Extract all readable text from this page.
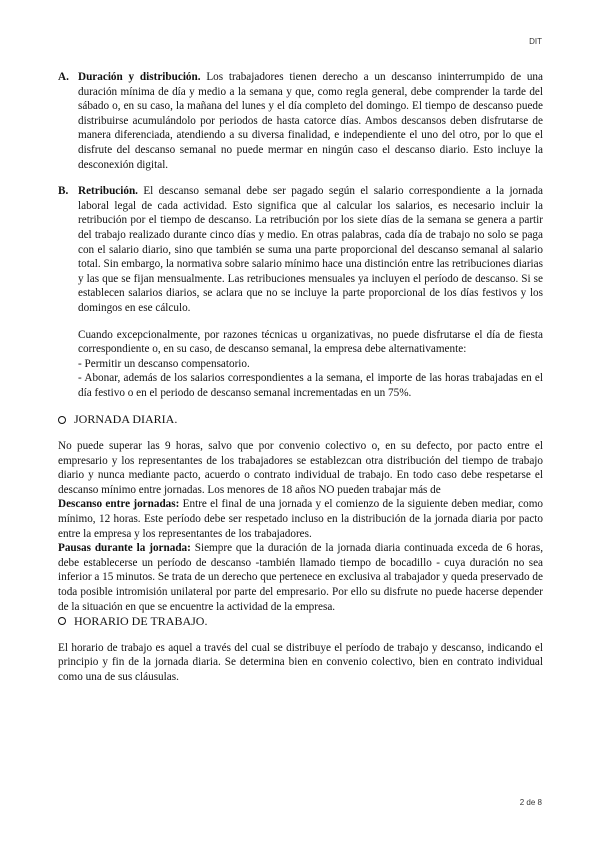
DIT
A. Duración y distribución. Los trabajadores tienen derecho a un descanso ininterrumpido de una duración mínima de día y medio a la semana y que, como regla general, debe comprender la tarde del sábado o, en su caso, la mañana del lunes y el día completo del domingo. El tiempo de descanso puede distribuirse acumulándolo por periodos de hasta catorce días. Ambos descansos deben disfrutarse de manera diferenciada, atendiendo a su diversa finalidad, e independiente el uno del otro, por lo que el disfrute del descanso semanal no puede mermar en ningún caso el descanso diario. Esto incluye la desconexión digital.

B. Retribución. El descanso semanal debe ser pagado según el salario correspondiente a la jornada laboral legal de cada actividad. Esto significa que al calcular los salarios, es necesario incluir la retribución por el tiempo de descanso. La retribución por los siete días de la semana se genera a partir del trabajo realizado durante cinco días y medio. En otras palabras, cada día de trabajo no solo se paga con el salario diario, sino que también se suma una parte proporcional del descanso semanal al salario total. Sin embargo, la normativa sobre salario mínimo hace una distinción entre las retribuciones diarias y las que se fijan mensualmente. Las retribuciones mensuales ya incluyen el período de descanso. Si se establecen salarios diarios, se aclara que no se incluye la parte proporcional de los días festivos y los domingos en ese cálculo.

Cuando excepcionalmente, por razones técnicas u organizativas, no puede disfrutarse el día de fiesta correspondiente o, en su caso, de descanso semanal, la empresa debe alternativamente:
- Permitir un descanso compensatorio.
- Abonar, además de los salarios correspondientes a la semana, el importe de las horas trabajadas en el día festivo o en el periodo de descanso semanal incrementadas en un 75%.

JORNADA DIARIA.

No puede superar las 9 horas, salvo que por convenio colectivo o, en su defecto, por pacto entre el empresario y los representantes de los trabajadores se establezcan otra distribución del tiempo de trabajo diario y nunca mediante pacto, acuerdo o contrato individual de trabajo. En todo caso debe respetarse el descanso mínimo entre jornadas. Los menores de 18 años NO pueden trabajar más de

Descanso entre jornadas: Entre el final de una jornada y el comienzo de la siguiente deben mediar, como mínimo, 12 horas. Este período debe ser respetado incluso en la distribución de la jornada diaria por pacto entre la empresa y los representantes de los trabajadores.

Pausas durante la jornada: Siempre que la duración de la jornada diaria continuada exceda de 6 horas, debe establecerse un período de descanso -también llamado tiempo de bocadillo - cuya duración no sea inferior a 15 minutos. Se trata de un derecho que pertenece en exclusiva al trabajador y queda preservado de toda posible intromisión unilateral por parte del empresario. Por ello su disfrute no puede hacerse depender de la situación en que se encuentre la actividad de la empresa.

HORARIO DE TRABAJO.

El horario de trabajo es aquel a través del cual se distribuye el período de trabajo y descanso, indicando el principio y fin de la jornada diaria. Se determina bien en convenio colectivo, bien en contrato individual como una de sus cláusulas.

2 de 8
